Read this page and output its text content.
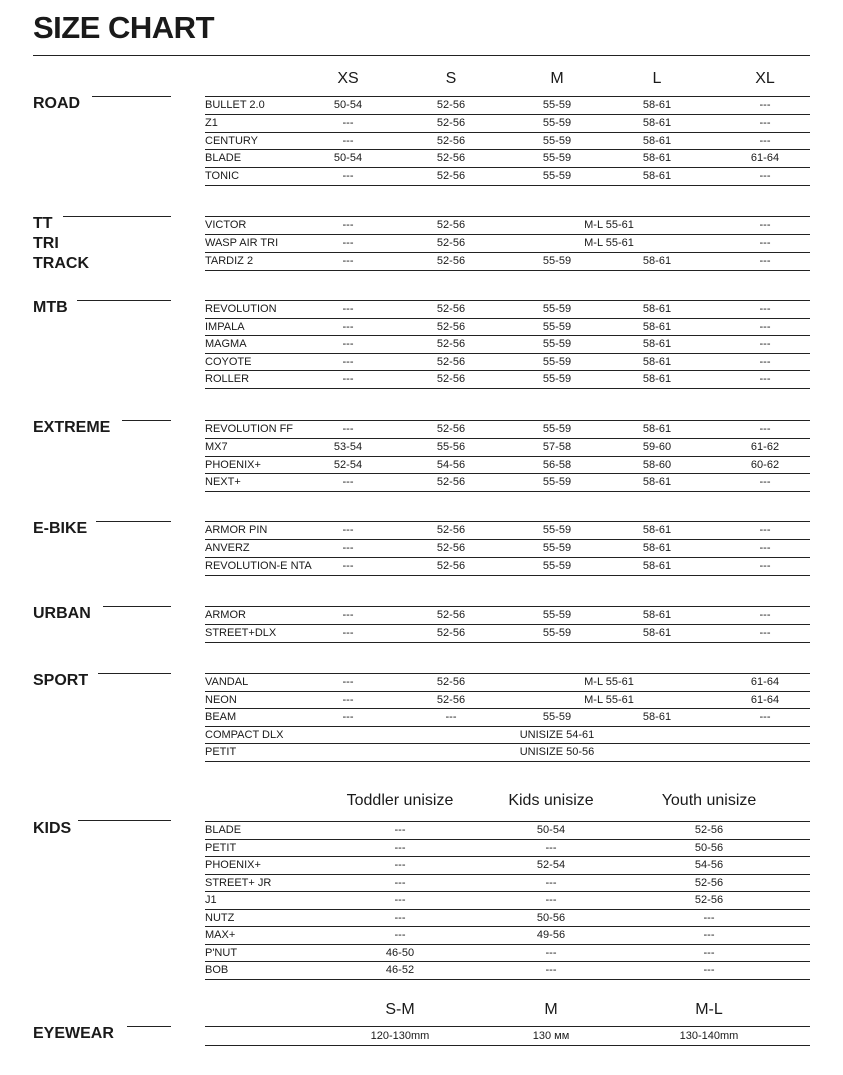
SIZE CHART
XS	S	M	L	XL
ROAD	BULLET 2.0	50-54	52-56	55-59	58-61	---
Z1	---	52-56	55-59	58-61	---
CENTURY	---	52-56	55-59	58-61	---
BLADE	50-54	52-56	55-59	58-61	61-64
TONIC	---	52-56	55-59	58-61	---
TT
TRI
TRACK
VICTOR	---	52-56	M-L 55-61	---
WASP AIR TRI	---	52-56	M-L 55-61	---
TARDIZ 2	---	52-56	55-59	58-61	---
MTB	REVOLUTION	---	52-56	55-59	58-61	---
IMPALA	---	52-56	55-59	58-61	---
MAGMA	---	52-56	55-59	58-61	---
COYOTE	---	52-56	55-59	58-61	---
ROLLER	---	52-56	55-59	58-61	---
EXTREME	REVOLUTION FF	---	52-56	55-59	58-61	---
MX7	53-54	55-56	57-58	59-60	61-62
PHOENIX+	52-54	54-56	56-58	58-60	60-62
NEXT+	---	52-56	55-59	58-61	---
E-BIKE	ARMOR PIN	---	52-56	55-59	58-61	---
ANVERZ	---	52-56	55-59	58-61	---
REVOLUTION-E NTA	---	52-56	55-59	58-61	---
URBAN	ARMOR	---	52-56	55-59	58-61	---
STREET+DLX	---	52-56	55-59	58-61	---
SPORT	VANDAL	---	52-56	M-L 55-61	61-64
NEON	---	52-56	M-L 55-61	61-64
BEAM	---	---	55-59	58-61	---
COMPACT DLX	UNISIZE 54-61
PETIT	UNISIZE 50-56
Toddler unisize	Kids unisize	Youth unisize
KIDS	BLADE	---	50-54	52-56
PETIT	---	---	50-56
PHOENIX+	---	52-54	54-56
STREET+ JR	---	---	52-56
J1	---	---	52-56
NUTZ	---	50-56	---
MAX+	---	49-56	---
P'NUT	46-50	---	---
BOB	46-52	---	---
S-M	M	M-L
EYEWEAR	120-130mm	130 мм	130-140mm
